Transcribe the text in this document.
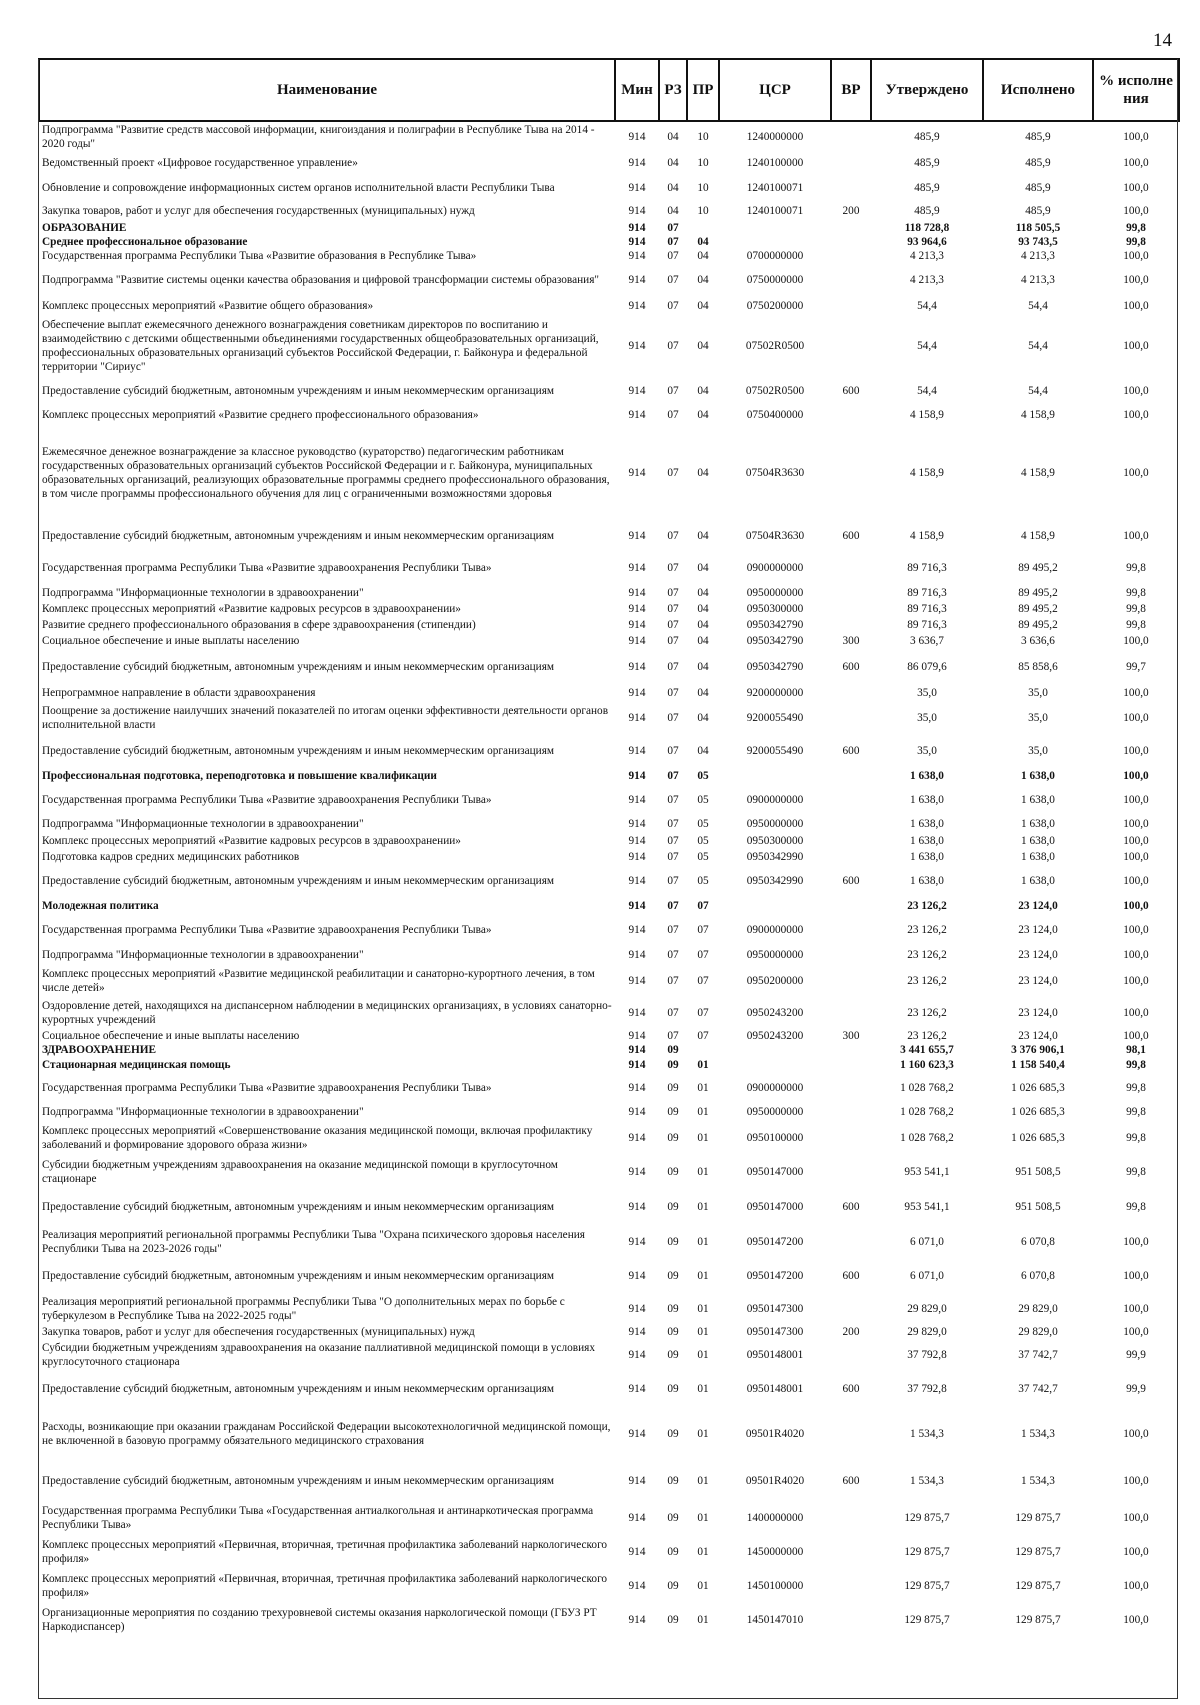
14
Наименование	Мин	РЗ	ПР	ЦСР	ВР	Утверждено	Исполнено	% исполнения
Подпрограмма "Развитие средств массовой информации, книгоиздания и полиграфии в Республике Тыва на 2014 - 2020 годы"	914	04	10	1240000000		485,9	485,9	100,0
Ведомственный проект «Цифровое государственное управление»	914	04	10	1240100000		485,9	485,9	100,0
Обновление и сопровождение информационных систем органов исполнительной власти Республики Тыва	914	04	10	1240100071		485,9	485,9	100,0
Закупка товаров, работ и услуг для обеспечения государственных (муниципальных) нужд	914	04	10	1240100071	200	485,9	485,9	100,0
ОБРАЗОВАНИЕ	914	07				118 728,8	118 505,5	99,8
Среднее профессиональное образование	914	07	04			93 964,6	93 743,5	99,8
Государственная программа Республики Тыва «Развитие образования в Республике Тыва»	914	07	04	0700000000		4 213,3	4 213,3	100,0
Подпрограмма "Развитие системы оценки качества образования и цифровой трансформации системы образования"	914	07	04	0750000000		4 213,3	4 213,3	100,0
Комплекс процессных мероприятий «Развитие общего образования»	914	07	04	0750200000		54,4	54,4	100,0
Обеспечение выплат ежемесячного денежного вознаграждения советникам директоров по воспитанию и взаимодействию с детскими общественными объединениями государственных общеобразовательных организаций, профессиональных образовательных организаций субъектов Российской Федерации, г. Байконура и федеральной территории "Сириус"	914	07	04	07502R0500		54,4	54,4	100,0
Предоставление субсидий бюджетным, автономным учреждениям и иным некоммерческим организациям	914	07	04	07502R0500	600	54,4	54,4	100,0
Комплекс процессных мероприятий «Развитие среднего профессионального образования»	914	07	04	0750400000		4 158,9	4 158,9	100,0
Ежемесячное денежное вознаграждение за классное руководство (кураторство) педагогическим работникам государственных образовательных организаций субъектов Российской Федерации и г. Байконура, муниципальных образовательных организаций, реализующих образовательные программы среднего профессионального образования, в том числе программы профессионального обучения для лиц с ограниченными возможностями здоровья	914	07	04	07504R3630		4 158,9	4 158,9	100,0
Предоставление субсидий бюджетным, автономным учреждениям и иным некоммерческим организациям	914	07	04	07504R3630	600	4 158,9	4 158,9	100,0
Государственная программа Республики Тыва «Развитие здравоохранения Республики Тыва»	914	07	04	0900000000		89 716,3	89 495,2	99,8
Подпрограмма "Информационные технологии в здравоохранении"	914	07	04	0950000000		89 716,3	89 495,2	99,8
Комплекс процессных мероприятий «Развитие кадровых ресурсов в здравоохранении»	914	07	04	0950300000		89 716,3	89 495,2	99,8
Развитие среднего профессионального образования в сфере здравоохранения (стипендии)	914	07	04	0950342790		89 716,3	89 495,2	99,8
Социальное обеспечение и иные выплаты населению	914	07	04	0950342790	300	3 636,7	3 636,6	100,0
Предоставление субсидий бюджетным, автономным учреждениям и иным некоммерческим организациям	914	07	04	0950342790	600	86 079,6	85 858,6	99,7
Непрограммное направление в области здравоохранения	914	07	04	9200000000		35,0	35,0	100,0
Поощрение за достижение наилучших значений показателей по итогам оценки эффективности деятельности органов исполнительной власти	914	07	04	9200055490		35,0	35,0	100,0
Предоставление субсидий бюджетным, автономным учреждениям и иным некоммерческим организациям	914	07	04	9200055490	600	35,0	35,0	100,0
Профессиональная подготовка, переподготовка и повышение квалификации	914	07	05			1 638,0	1 638,0	100,0
Государственная программа Республики Тыва «Развитие здравоохранения Республики Тыва»	914	07	05	0900000000		1 638,0	1 638,0	100,0
Подпрограмма "Информационные технологии в здравоохранении"	914	07	05	0950000000		1 638,0	1 638,0	100,0
Комплекс процессных мероприятий «Развитие кадровых ресурсов в здравоохранении»	914	07	05	0950300000		1 638,0	1 638,0	100,0
Подготовка кадров средних медицинских работников	914	07	05	0950342990		1 638,0	1 638,0	100,0
Предоставление субсидий бюджетным, автономным учреждениям и иным некоммерческим организациям	914	07	05	0950342990	600	1 638,0	1 638,0	100,0
Молодежная политика	914	07	07			23 126,2	23 124,0	100,0
Государственная программа Республики Тыва «Развитие здравоохранения Республики Тыва»	914	07	07	0900000000		23 126,2	23 124,0	100,0
Подпрограмма "Информационные технологии в здравоохранении"	914	07	07	0950000000		23 126,2	23 124,0	100,0
Комплекс процессных мероприятий «Развитие медицинской реабилитации и санаторно-курортного лечения, в том числе детей»	914	07	07	0950200000		23 126,2	23 124,0	100,0
Оздоровление детей, находящихся на диспансерном наблюдении в медицинских организациях, в условиях санаторно-курортных учреждений	914	07	07	0950243200		23 126,2	23 124,0	100,0
Социальное обеспечение и иные выплаты населению	914	07	07	0950243200	300	23 126,2	23 124,0	100,0
ЗДРАВООХРАНЕНИЕ	914	09				3 441 655,7	3 376 906,1	98,1
Стационарная медицинская помощь	914	09	01			1 160 623,3	1 158 540,4	99,8
Государственная программа Республики Тыва «Развитие здравоохранения Республики Тыва»	914	09	01	0900000000		1 028 768,2	1 026 685,3	99,8
Подпрограмма "Информационные технологии в здравоохранении"	914	09	01	0950000000		1 028 768,2	1 026 685,3	99,8
Комплекс процессных мероприятий «Совершенствование оказания медицинской помощи, включая профилактику заболеваний и формирование здорового образа жизни»	914	09	01	0950100000		1 028 768,2	1 026 685,3	99,8
Субсидии бюджетным учреждениям здравоохранения на оказание медицинской помощи в круглосуточном стационаре	914	09	01	0950147000		953 541,1	951 508,5	99,8
Предоставление субсидий бюджетным, автономным учреждениям и иным некоммерческим организациям	914	09	01	0950147000	600	953 541,1	951 508,5	99,8
Реализация мероприятий региональной программы Республики Тыва "Охрана психического здоровья населения Республики Тыва на 2023-2026 годы"	914	09	01	0950147200		6 071,0	6 070,8	100,0
Предоставление субсидий бюджетным, автономным учреждениям и иным некоммерческим организациям	914	09	01	0950147200	600	6 071,0	6 070,8	100,0
Реализация мероприятий региональной программы Республики Тыва "О дополнительных мерах по борьбе с туберкулезом в Республике Тыва на 2022-2025 годы"	914	09	01	0950147300		29 829,0	29 829,0	100,0
Закупка товаров, работ и услуг для обеспечения государственных (муниципальных) нужд	914	09	01	0950147300	200	29 829,0	29 829,0	100,0
Субсидии бюджетным учреждениям здравоохранения на оказание паллиативной медицинской помощи в условиях круглосуточного стационара	914	09	01	0950148001		37 792,8	37 742,7	99,9
Предоставление субсидий бюджетным, автономным учреждениям и иным некоммерческим организациям	914	09	01	0950148001	600	37 792,8	37 742,7	99,9
Расходы, возникающие при оказании гражданам Российской Федерации высокотехнологичной медицинской помощи, не включенной в базовую программу обязательного медицинского страхования	914	09	01	09501R4020		1 534,3	1 534,3	100,0
Предоставление субсидий бюджетным, автономным учреждениям и иным некоммерческим организациям	914	09	01	09501R4020	600	1 534,3	1 534,3	100,0
Государственная программа Республики Тыва «Государственная антиалкогольная и антинаркотическая программа Республики Тыва»	914	09	01	1400000000		129 875,7	129 875,7	100,0
Комплекс процессных мероприятий «Первичная, вторичная, третичная профилактика заболеваний наркологического профиля»	914	09	01	1450000000		129 875,7	129 875,7	100,0
Комплекс процессных мероприятий «Первичная, вторичная, третичная профилактика заболеваний наркологического профиля»	914	09	01	1450100000		129 875,7	129 875,7	100,0
Организационные мероприятия по созданию трехуровневой системы оказания наркологической помощи (ГБУЗ РТ Наркодиспансер)	914	09	01	1450147010		129 875,7	129 875,7	100,0
